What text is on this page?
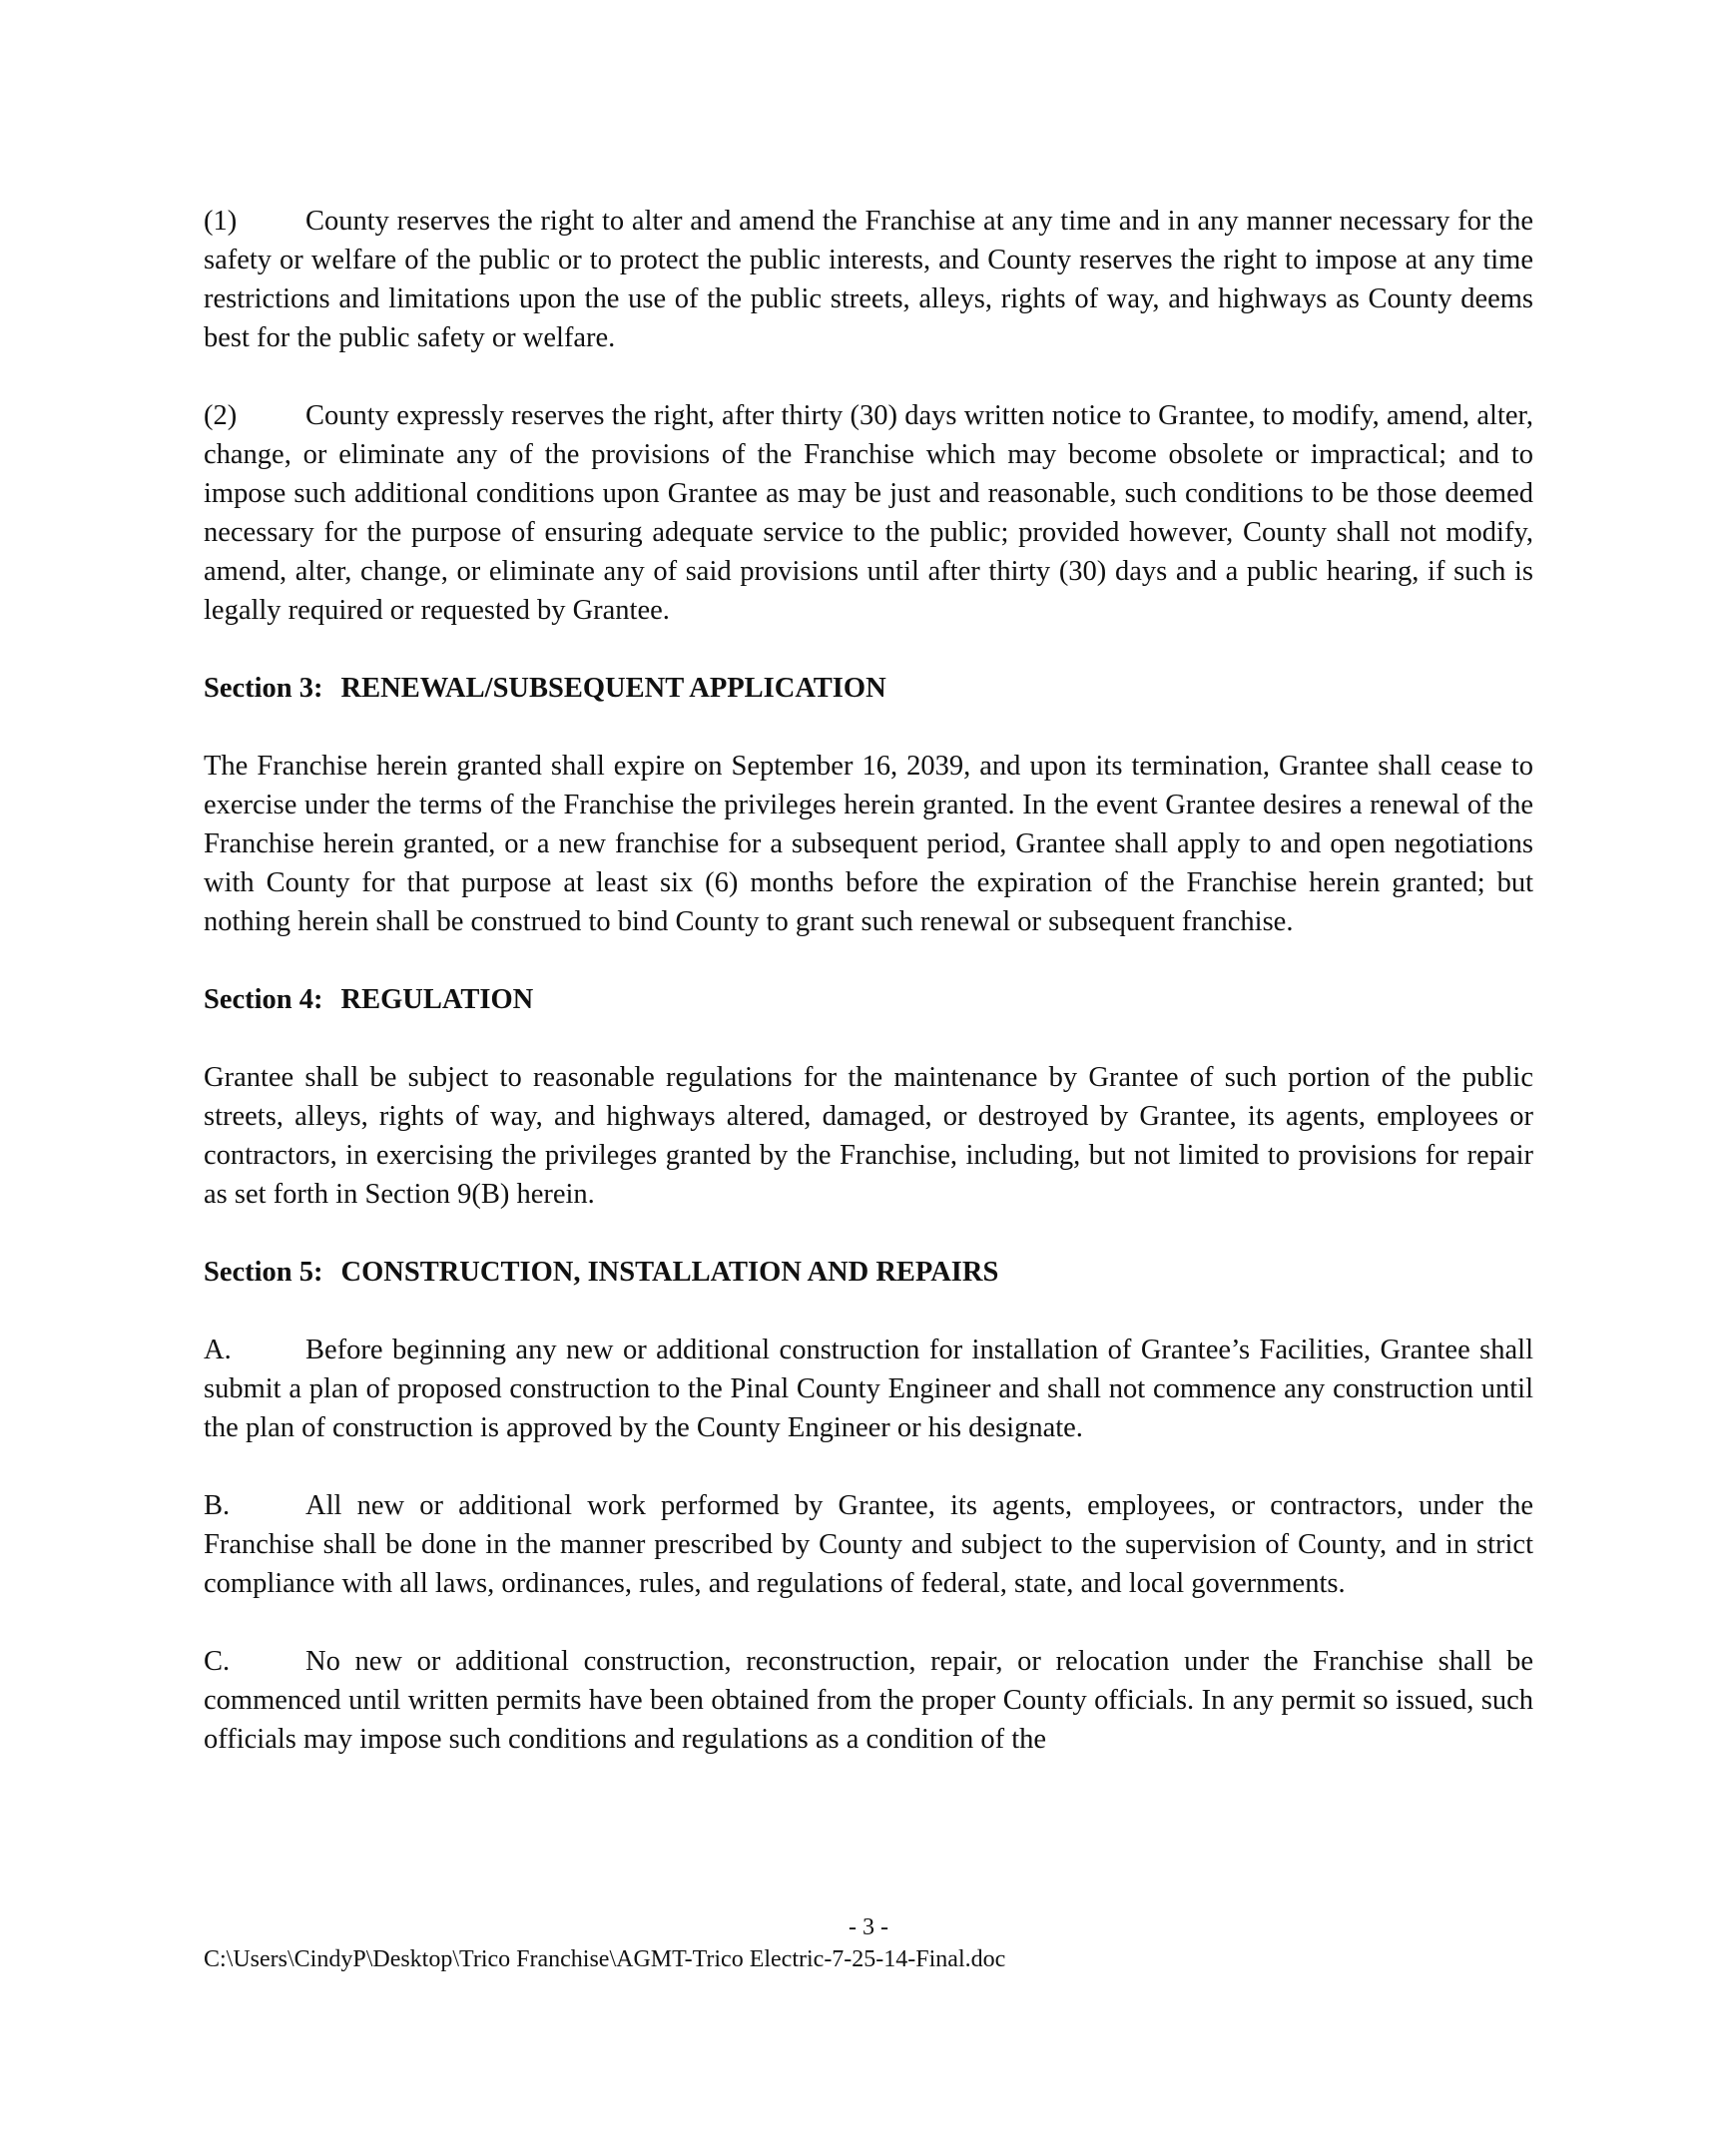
(1) County reserves the right to alter and amend the Franchise at any time and in any manner necessary for the safety or welfare of the public or to protect the public interests, and County reserves the right to impose at any time restrictions and limitations upon the use of the public streets, alleys, rights of way, and highways as County deems best for the public safety or welfare.

(2) County expressly reserves the right, after thirty (30) days written notice to Grantee, to modify, amend, alter, change, or eliminate any of the provisions of the Franchise which may become obsolete or impractical; and to impose such additional conditions upon Grantee as may be just and reasonable, such conditions to be those deemed necessary for the purpose of ensuring adequate service to the public; provided however, County shall not modify, amend, alter, change, or eliminate any of said provisions until after thirty (30) days and a public hearing, if such is legally required or requested by Grantee.

Section 3: RENEWAL/SUBSEQUENT APPLICATION

The Franchise herein granted shall expire on September 16, 2039, and upon its termination, Grantee shall cease to exercise under the terms of the Franchise the privileges herein granted. In the event Grantee desires a renewal of the Franchise herein granted, or a new franchise for a subsequent period, Grantee shall apply to and open negotiations with County for that purpose at least six (6) months before the expiration of the Franchise herein granted; but nothing herein shall be construed to bind County to grant such renewal or subsequent franchise.

Section 4: REGULATION

Grantee shall be subject to reasonable regulations for the maintenance by Grantee of such portion of the public streets, alleys, rights of way, and highways altered, damaged, or destroyed by Grantee, its agents, employees or contractors, in exercising the privileges granted by the Franchise, including, but not limited to provisions for repair as set forth in Section 9(B) herein.

Section 5: CONSTRUCTION, INSTALLATION AND REPAIRS

A.	Before beginning any new or additional construction for installation of Grantee’s Facilities, Grantee shall submit a plan of proposed construction to the Pinal County Engineer and shall not commence any construction until the plan of construction is approved by the County Engineer or his designate.

B.	All new or additional work performed by Grantee, its agents, employees, or contractors, under the Franchise shall be done in the manner prescribed by County and subject to the supervision of County, and in strict compliance with all laws, ordinances, rules, and regulations of federal, state, and local governments.

C.	No new or additional construction, reconstruction, repair, or relocation under the Franchise shall be commenced until written permits have been obtained from the proper County officials. In any permit so issued, such officials may impose such conditions and regulations as a condition of the

- 3 -
C:\Users\CindyP\Desktop\Trico Franchise\AGMT-Trico Electric-7-25-14-Final.doc
